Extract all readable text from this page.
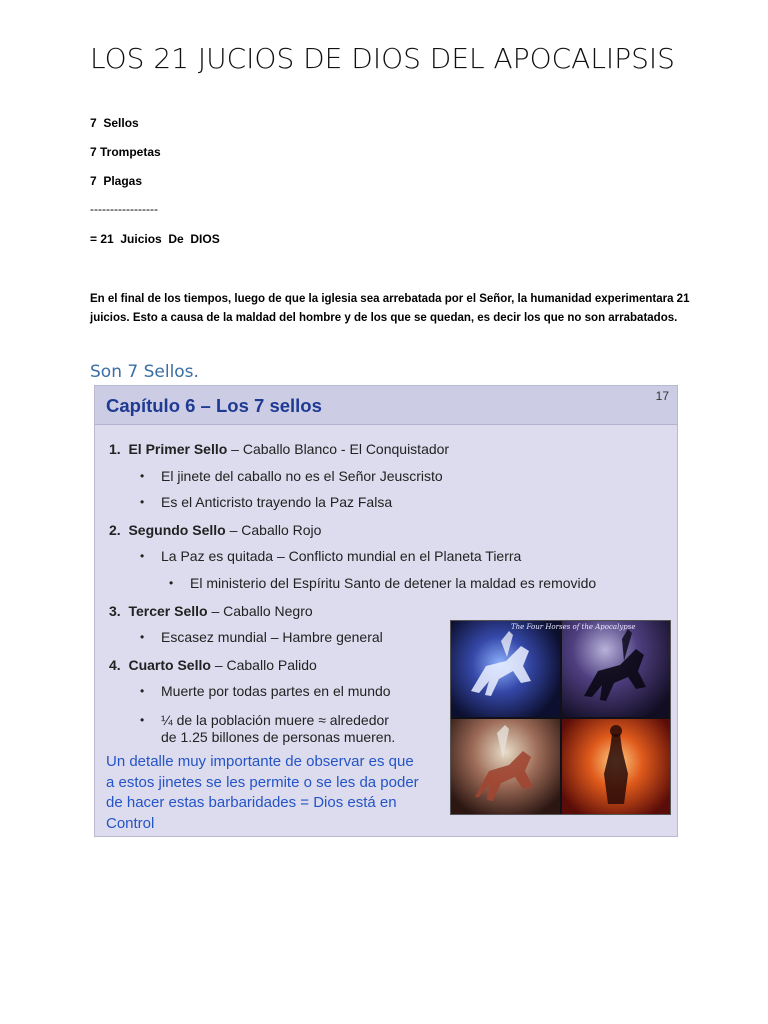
LOS 21 JUCIOS DE DIOS DEL APOCALIPSIS
7  Sellos
7 Trompetas
7  Plagas
-----------------
= 21  Juicios  De  DIOS
En el final de los tiempos, luego de que la iglesia sea arrebatada por el Señor, la humanidad experimentara 21 juicios. Esto a causa de la maldad del hombre y de los que se quedan, es decir los que no son arrabatados.
Son 7 Sellos.
Capítulo 6 – Los 7 sellos	17
1. El Primer Sello – Caballo Blanco - El Conquistador
• El jinete del caballo no es el Señor Jeuscristo
• Es el Anticristo trayendo la Paz Falsa
2. Segundo Sello – Caballo Rojo
• La Paz es quitada – Conflicto mundial en el Planeta Tierra
• El ministerio del Espíritu Santo de detener la maldad es removido
3. Tercer Sello – Caballo Negro
• Escasez mundial – Hambre general
4. Cuarto Sello – Caballo Palido
• Muerte por todas partes en el mundo
• ¼ de la población muere ≈ alrededor
de 1.25 billones de personas mueren.
Un detalle muy importante de observar es que a estos jinetes se les permite o se les da poder de hacer estas barbaridades = Dios está en Control
The Four Horses of the Apocalypse
